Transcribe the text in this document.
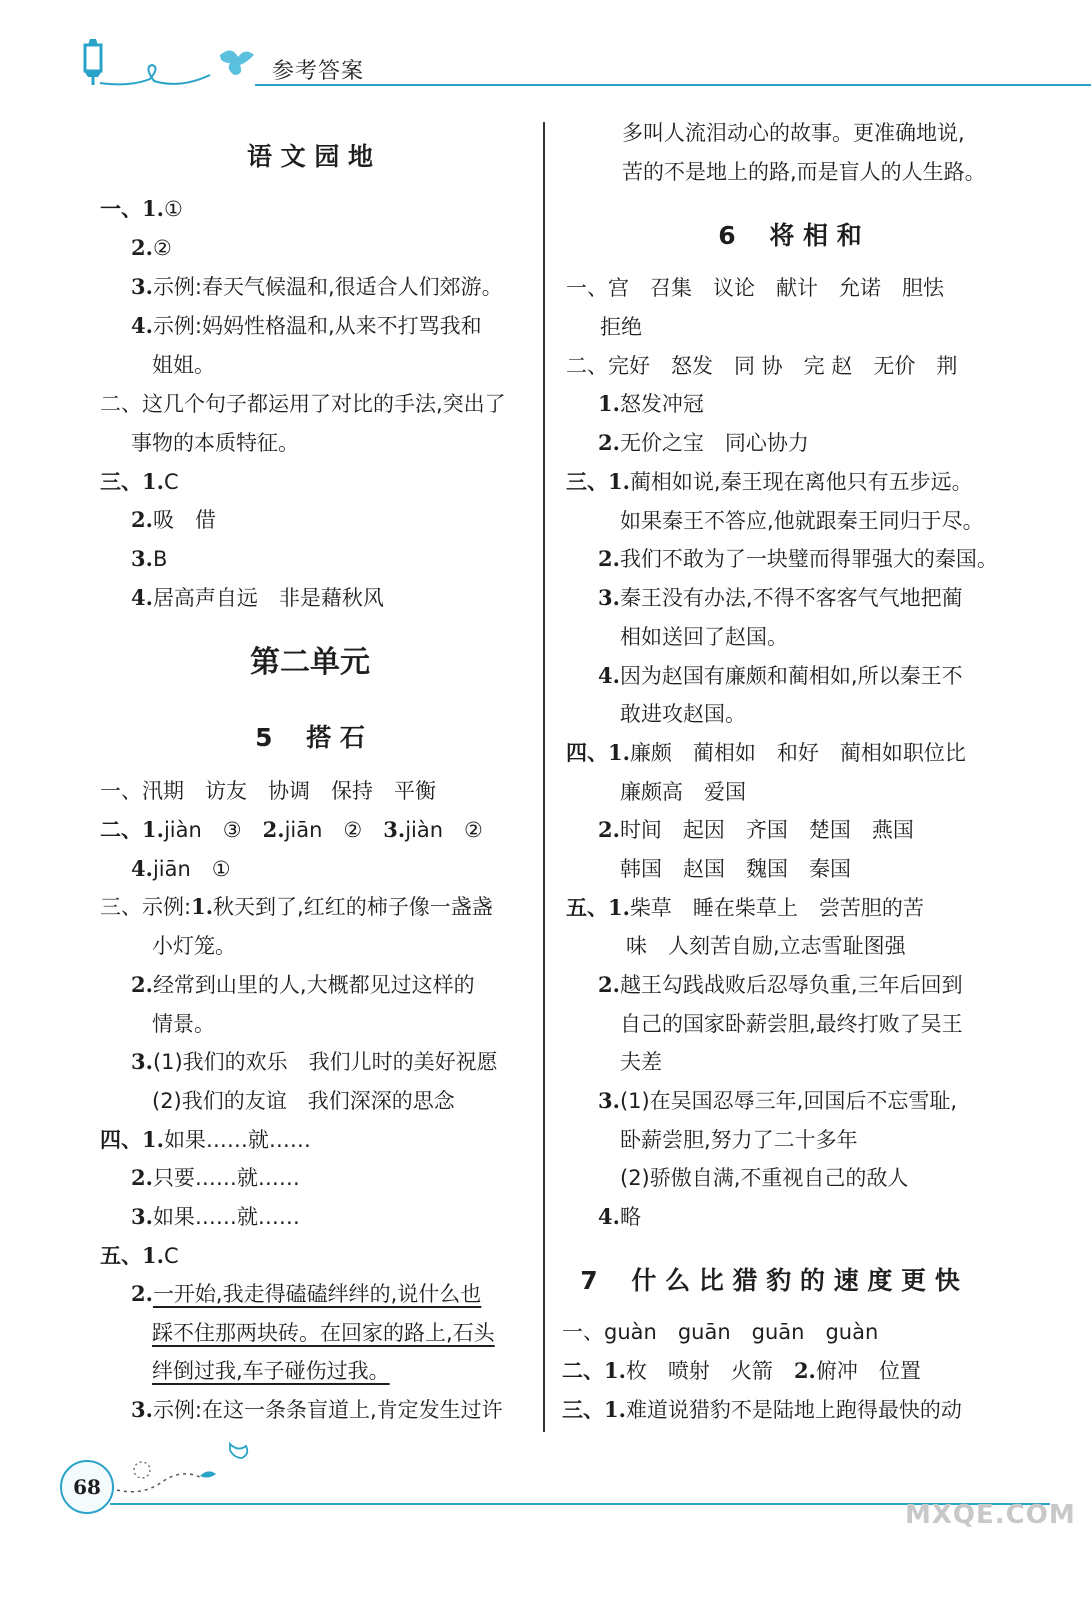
参考答案
语 文 园 地
一、1.①
2.②
3.示例:春天气候温和,很适合人们郊游。
4.示例:妈妈性格温和,从来不打骂我和
姐姐。
二、这几个句子都运用了对比的手法,突出了
事物的本质特征。
三、1.C
2.吸　借
3.B
4.居高声自远　非是藉秋风
第二单元
5　 搭 石
一、汛期　访友　协调　保持　平衡
二、1.jiàn　③　2.jiān　②　3.jiàn　②
4.jiān　①
三、示例:1.秋天到了,红红的柿子像一盏盏
小灯笼。
2.经常到山里的人,大概都见过这样的
情景。
3.(1)我们的欢乐　我们儿时的美好祝愿
(2)我们的友谊　我们深深的思念
四、1.如果……就……
2.只要……就……
3.如果……就……
五、1.C
2.一开始,我走得磕磕绊绊的,说什么也
踩不住那两块砖。在回家的路上,石头
绊倒过我,车子碰伤过我。
3.示例:在这一条条盲道上,肯定发生过许
多叫人流泪动心的故事。更准确地说,
苦的不是地上的路,而是盲人的人生路。
6　 将 相 和
一、宫　召集　议论　献计　允诺　胆怯
拒绝
二、完好　怒发　同 协　完 赵　无价　荆
1.怒发冲冠
2.无价之宝　同心协力
三、1.蔺相如说,秦王现在离他只有五步远。
如果秦王不答应,他就跟秦王同归于尽。
2.我们不敢为了一块璧而得罪强大的秦国。
3.秦王没有办法,不得不客客气气地把蔺
相如送回了赵国。
4.因为赵国有廉颇和蔺相如,所以秦王不
敢进攻赵国。
四、1.廉颇　蔺相如　和好　蔺相如职位比
廉颇高　爱国
2.时间　起因　齐国　楚国　燕国
韩国　赵国　魏国　秦国
五、1.柴草　睡在柴草上　尝苦胆的苦
味　人刻苦自励,立志雪耻图强
2.越王勾践战败后忍辱负重,三年后回到
自己的国家卧薪尝胆,最终打败了吴王
夫差
3.(1)在吴国忍辱三年,回国后不忘雪耻,
卧薪尝胆,努力了二十多年
(2)骄傲自满,不重视自己的敌人
4.略
7　 什 么 比 猎 豹 的 速 度 更 快
一、guàn　guān　guān　guàn
二、1.枚　喷射　火箭　2.俯冲　位置
三、1.难道说猎豹不是陆地上跑得最快的动
68
MXQE.COM
